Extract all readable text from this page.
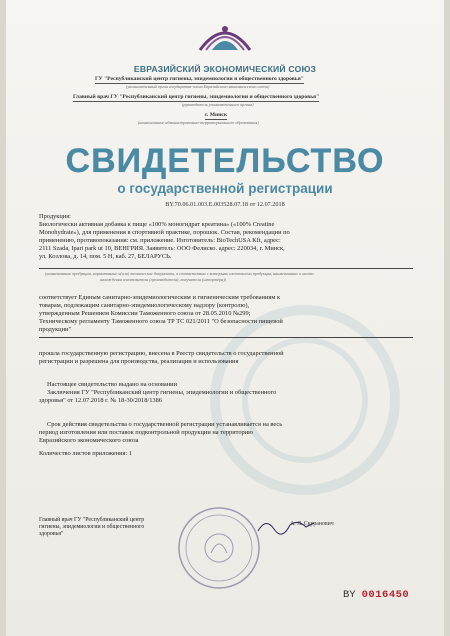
ЕВРАЗИЙСКИЙ ЭКОНОМИЧЕСКИЙ СОЮЗ
ГУ "Республиканский центр гигиены, эпидемиологии и общественного здоровья"
(уполномоченный орган государства-члена Евразийского экономического союза)
Главный врач ГУ "Республиканский центр гигиены, эпидемиологии и общественного здоровья"
(руководитель уполномоченного органа)
г. Минск
(наименование административно-территориального образования)
СВИДЕТЕЛЬСТВО
о государственной регистрации
BY.70.06.01.003.E.003528.07.18 от 12.07.2018
Продукция:
Биологически активная добавка к пище «100% моногидрат креатина» («100% Creatine
Monohydrate»), для применения в спортивной практике, порошок. Состав, рекомендации по
применению, противопоказания: см. приложение. Изготовитель: BioTechUSA Kft, адрес:
2111 Szada, Ipari park ut 10, ВЕНГРИЯ. Заявитель: ООО Фелиско. адрес: 220034, г. Минск,
ул. Козлова, д. 14, пом. 5 Н, каб. 27, БЕЛАРУСЬ.
(наименование продукции, нормативные и(или) технические документы, в соответствии с которыми изготовлена продукция, наименование и место
нахождения изготовителя (производителя), получателя (импортёра))
соответствует Единым санитарно-эпидемиологическим и гигиеническим требованиям к
товарам, подлежащим санитарно-эпидемиологическому надзору (контролю),
утвержденным Решением Комиссии Таможенного союза от 28.05.2010 №299;
Техническому регламенту Таможенного союза ТР ТС 021/2011 "О безопасности пищевой
продукции"
прошла государственную регистрацию, внесена в Реестр свидетельств о государственной
регистрации и разрешена для производства, реализации и использования
Настоящее свидетельство выдано на основании
Заключения ГУ "Республиканский центр гигиены, эпидемиологии и общественного
здоровья" от 12.07.2018 г. № 18-30/2018/1386
Срок действия свидетельства о государственной регистрации устанавливается на весь
период изготовления или поставок подконтрольной продукции на территорию
Евразийского экономического союза
Количество листов приложения: 1
Главный врач ГУ "Республиканский центр
гигиены, эпидемиологии и общественного
здоровья"
А. Л. Скуранович
BY 0016450
